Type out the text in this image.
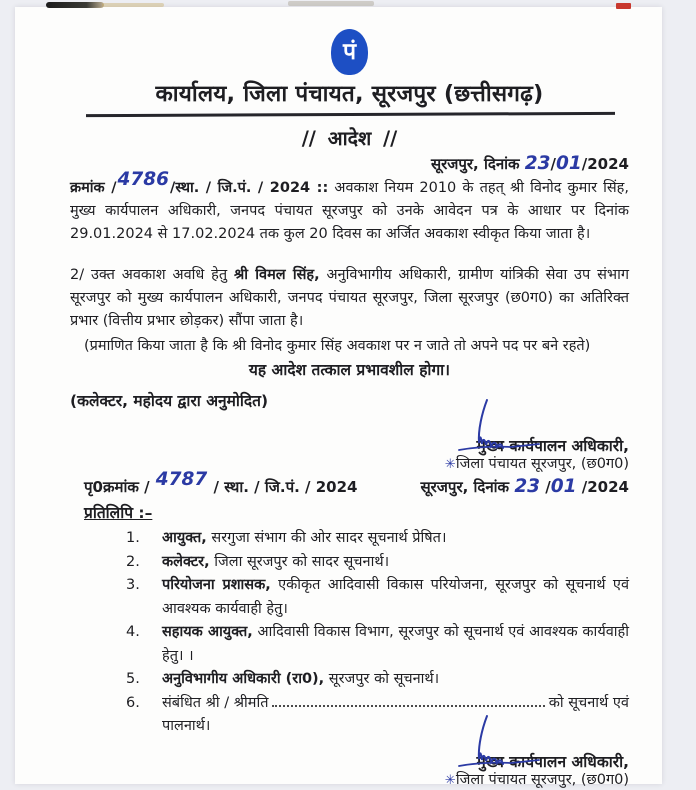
पं
कार्यालय, जिला पंचायत, सूरजपुर (छत्तीसगढ़)
// आदेश //
सूरजपुर, दिनांक 23/01/2024
क्रमांक /4786/स्था. / जि.पं. / 2024 :: अवकाश नियम 2010 के तहत् श्री विनोद कुमार सिंह, मुख्य कार्यपालन अधिकारी, जनपद पंचायत सूरजपुर को उनके आवेदन पत्र के आधार पर दिनांक 29.01.2024 से 17.02.2024 तक कुल 20 दिवस का अर्जित अवकाश स्वीकृत किया जाता है।
2/ उक्त अवकाश अवधि हेतु श्री विमल सिंह, अनुविभागीय अधिकारी, ग्रामीण यांत्रिकी सेवा उप संभाग सूरजपुर को मुख्य कार्यपालन अधिकारी, जनपद पंचायत सूरजपुर, जिला सूरजपुर (छ0ग0) का अतिरिक्त प्रभार (वित्तीय प्रभार छोड़कर) सौंपा जाता है।
(प्रमाणित किया जाता है कि श्री विनोद कुमार सिंह अवकाश पर न जाते तो अपने पद पर बने रहते)
यह आदेश तत्काल प्रभावशील होगा।
(कलेक्टर, महोदय द्वारा अनुमोदित)
मुख्य कार्यपालन अधिकारी,
✳जिला पंचायत सूरजपुर, (छ0ग0)
पृ0क्रमांक / 4787 / स्था. / जि.पं. / 2024	सूरजपुर, दिनांक 23 /01 /2024
प्रतिलिपि :–
1.	आयुक्त, सरगुजा संभाग की ओर सादर सूचनार्थ प्रेषित।
2.	कलेक्टर, जिला सूरजपुर को सादर सूचनार्थ।
3.	परियोजना प्रशासक, एकीकृत आदिवासी विकास परियोजना, सूरजपुर को सूचनार्थ एवं आवश्यक कार्यवाही हेतु।
4.	सहायक आयुक्त, आदिवासी विकास विभाग, सूरजपुर को सूचनार्थ एवं आवश्यक कार्यवाही हेतु। ।
5.	अनुविभागीय अधिकारी (रा0), सूरजपुर को सूचनार्थ।
6.	संबंधित श्री / श्रीमति	को सूचनार्थ एवं
पालनार्थ।
मुख्य कार्यपालन अधिकारी,
✳जिला पंचायत सूरजपुर, (छ0ग0)
